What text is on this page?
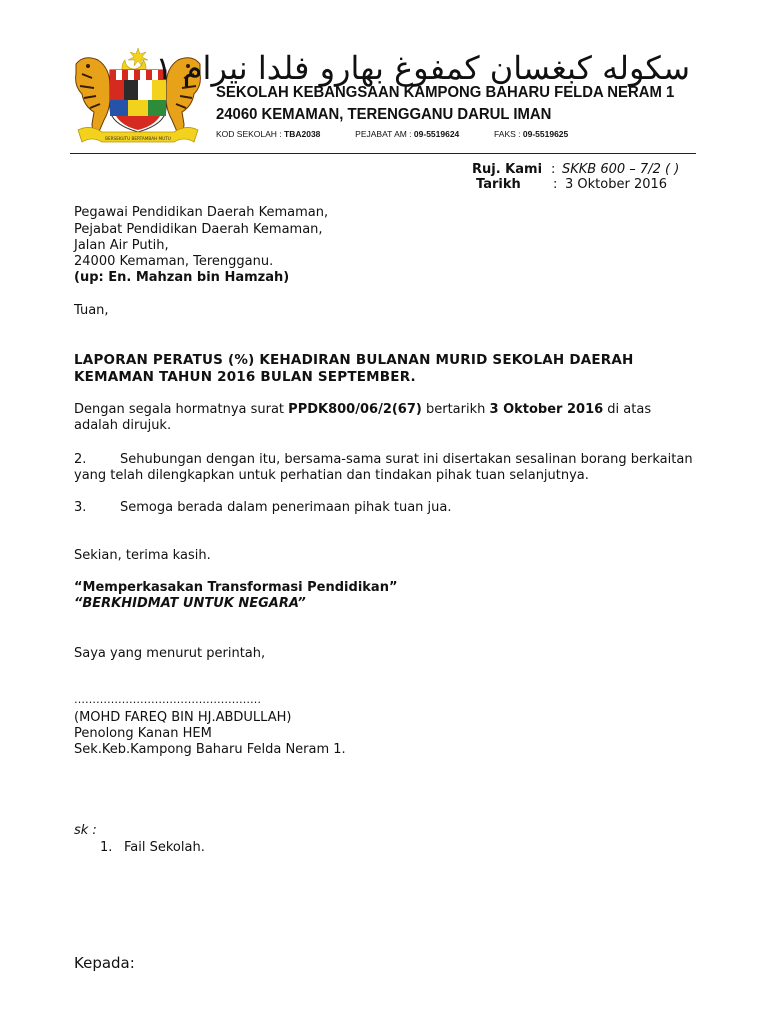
BERSEKUTU BERTAMBAH MUTU
سكوله كبغسان كمفوغ بهارو فلدا نيرام ١
SEKOLAH KEBANGSAAN KAMPONG BAHARU FELDA NERAM 1
24060 KEMAMAN, TERENGGANU DARUL IMAN
KOD SEKOLAH : TBA2038	PEJABAT AM : 09-5519624	FAKS : 09-5519625
Ruj. Kami : SKKB 600 – 7/2 ( )
Tarikh : 3 Oktober 2016
Pegawai Pendidikan Daerah Kemaman,
Pejabat Pendidikan Daerah Kemaman,
Jalan Air Putih,
24000 Kemaman, Terengganu.
(up: En. Mahzan bin Hamzah)
Tuan,
LAPORAN PERATUS (%) KEHADIRAN BULANAN MURID SEKOLAH DAERAH
KEMAMAN TAHUN 2016 BULAN SEPTEMBER.
Dengan segala hormatnya surat PPDK800/06/2(67) bertarikh 3 Oktober 2016 di atas
adalah dirujuk.
2.	Sehubungan dengan itu, bersama-sama surat ini disertakan sesalinan borang berkaitan
yang telah dilengkapkan untuk perhatian dan tindakan pihak tuan selanjutnya.
3.	Semoga berada dalam penerimaan pihak tuan jua.
Sekian, terima kasih.
“Memperkasakan Transformasi Pendidikan”
“BERKHIDMAT UNTUK NEGARA”
Saya yang menurut perintah,
……………………………………………
(MOHD FAREQ BIN HJ.ABDULLAH)
Penolong Kanan HEM
Sek.Keb.Kampong Baharu Felda Neram 1.
sk :
1. Fail Sekolah.
Kepada:
